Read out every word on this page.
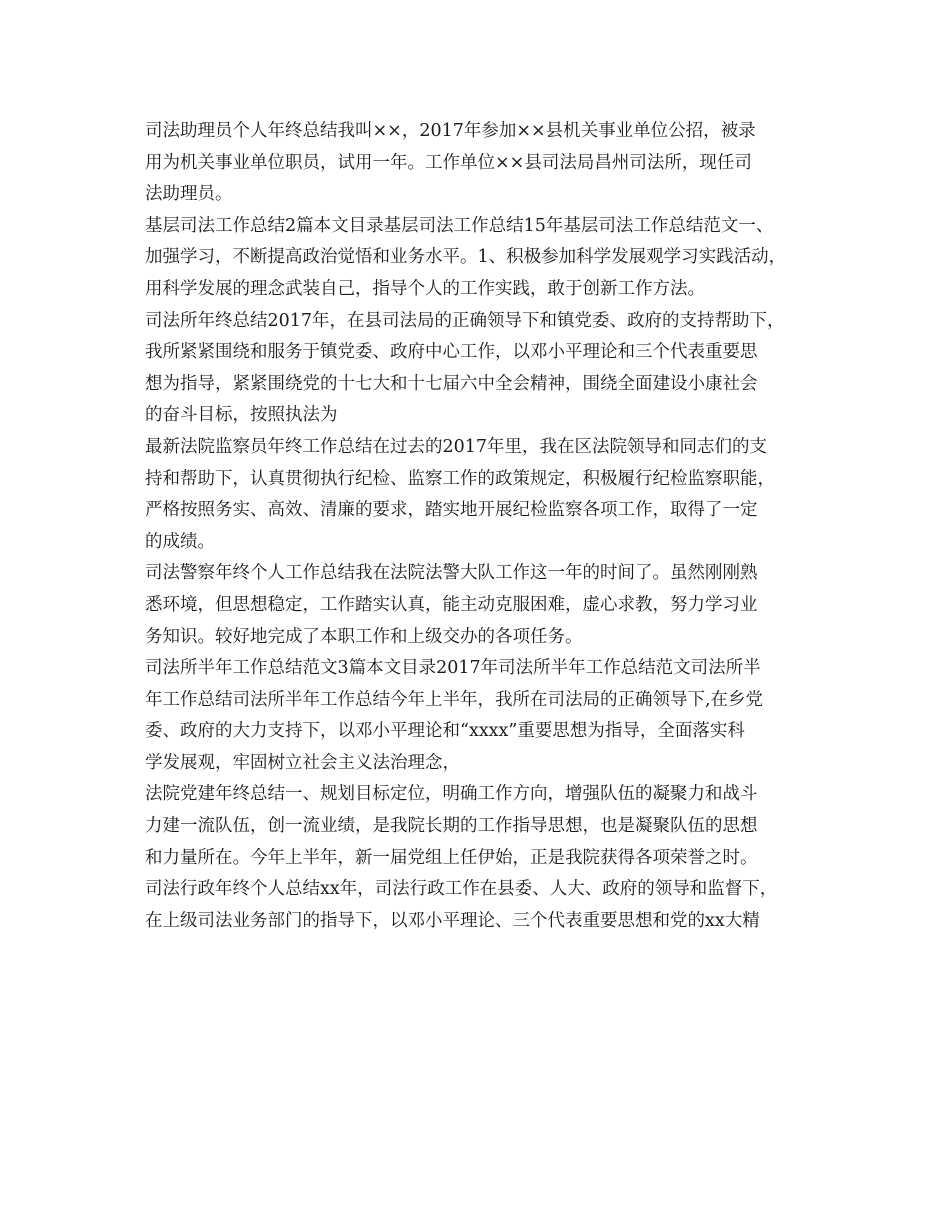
司法助理员个人年终总结我叫××，2017年参加××县机关事业单位公招，被录
用为机关事业单位职员，试用一年。工作单位××县司法局昌州司法所，现任司
法助理员。
基层司法工作总结2篇本文目录基层司法工作总结15年基层司法工作总结范文一、
加强学习，不断提高政治觉悟和业务水平。1、积极参加科学发展观学习实践活动，
用科学发展的理念武装自己，指导个人的工作实践，敢于创新工作方法。
司法所年终总结2017年，在县司法局的正确领导下和镇党委、政府的支持帮助下，
我所紧紧围绕和服务于镇党委、政府中心工作，以邓小平理论和三个代表重要思
想为指导，紧紧围绕党的十七大和十七届六中全会精神，围绕全面建设小康社会
的奋斗目标，按照执法为
最新法院监察员年终工作总结在过去的2017年里，我在区法院领导和同志们的支
持和帮助下，认真贯彻执行纪检、监察工作的政策规定，积极履行纪检监察职能，
严格按照务实、高效、清廉的要求，踏实地开展纪检监察各项工作，取得了一定
的成绩。
司法警察年终个人工作总结我在法院法警大队工作这一年的时间了。虽然刚刚熟
悉环境，但思想稳定，工作踏实认真，能主动克服困难，虚心求教，努力学习业
务知识。较好地完成了本职工作和上级交办的各项任务。
司法所半年工作总结范文3篇本文目录2017年司法所半年工作总结范文司法所半
年工作总结司法所半年工作总结今年上半年，我所在司法局的正确领导下,在乡党
委、政府的大力支持下，以邓小平理论和“xxxx”重要思想为指导，全面落实科
学发展观，牢固树立社会主义法治理念，
法院党建年终总结一、规划目标定位，明确工作方向，增强队伍的凝聚力和战斗
力建一流队伍，创一流业绩，是我院长期的工作指导思想，也是凝聚队伍的思想
和力量所在。今年上半年，新一届党组上任伊始，正是我院获得各项荣誉之时。
司法行政年终个人总结xx年，司法行政工作在县委、人大、政府的领导和监督下，
在上级司法业务部门的指导下，以邓小平理论、三个代表重要思想和党的xx大精
